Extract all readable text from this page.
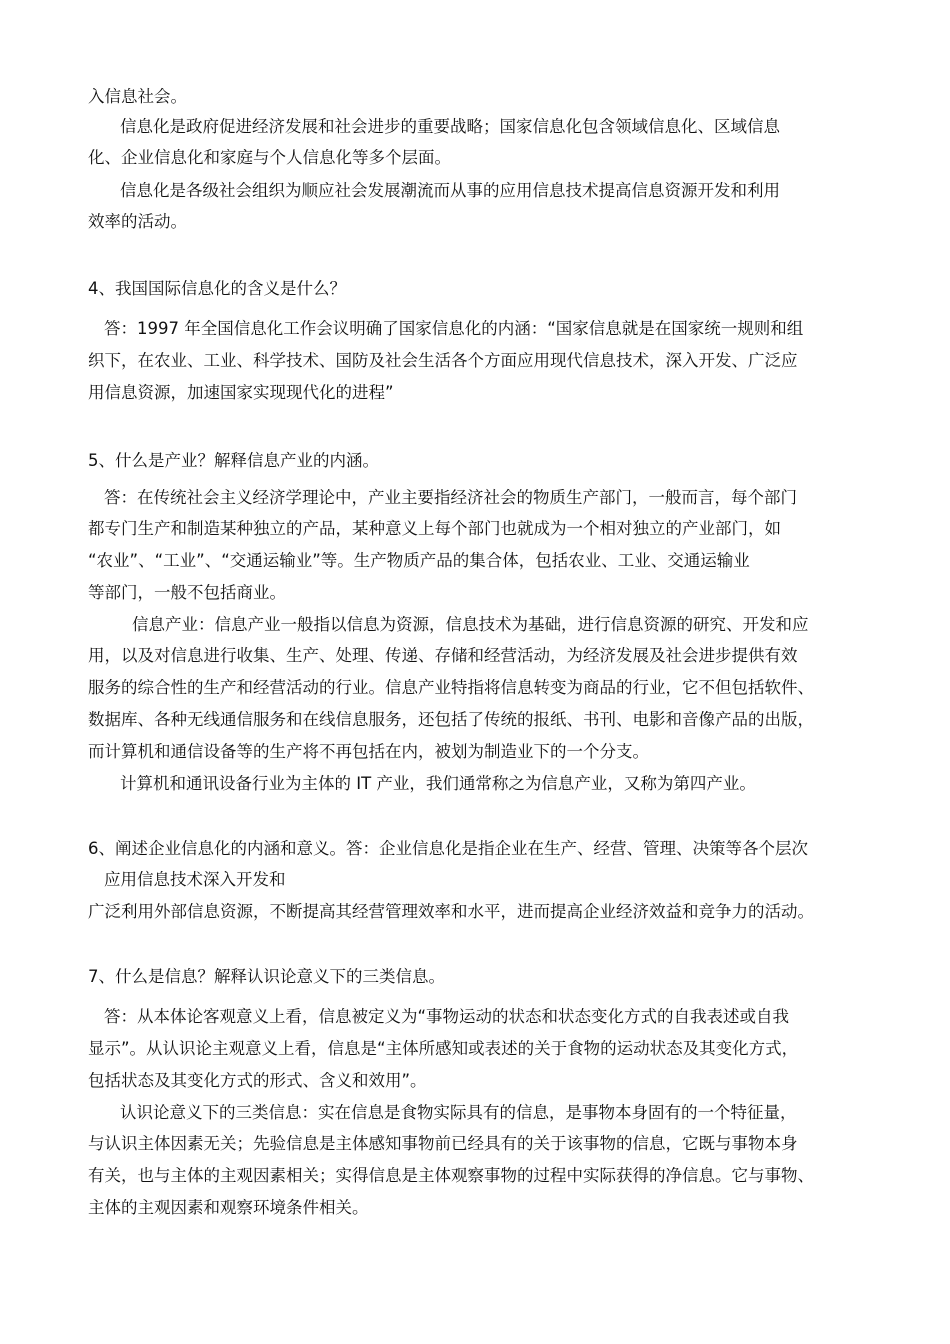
入信息社会。
信息化是政府促进经济发展和社会进步的重要战略；国家信息化包含领域信息化、区域信息
化、企业信息化和家庭与个人信息化等多个层面。
信息化是各级社会组织为顺应社会发展潮流而从事的应用信息技术提高信息资源开发和利用
效率的活动。
4、我国国际信息化的含义是什么？
答：1997 年全国信息化工作会议明确了国家信息化的内涵：“国家信息就是在国家统一规则和组
织下，在农业、工业、科学技术、国防及社会生活各个方面应用现代信息技术，深入开发、广泛应
用信息资源，加速国家实现现代化的进程”
5、什么是产业？解释信息产业的内涵。
答：在传统社会主义经济学理论中，产业主要指经济社会的物质生产部门，一般而言，每个部门
都专门生产和制造某种独立的产品，某种意义上每个部门也就成为一个相对独立的产业部门，如
“农业”、“工业”、“交通运输业”等。生产物质产品的集合体，包括农业、工业、交通运输业
等部门，一般不包括商业。
信息产业：信息产业一般指以信息为资源，信息技术为基础，进行信息资源的研究、开发和应
用，以及对信息进行收集、生产、处理、传递、存储和经营活动，为经济发展及社会进步提供有效
服务的综合性的生产和经营活动的行业。信息产业特指将信息转变为商品的行业，它不但包括软件、
数据库、各种无线通信服务和在线信息服务，还包括了传统的报纸、书刊、电影和音像产品的出版，
而计算机和通信设备等的生产将不再包括在内，被划为制造业下的一个分支。
计算机和通讯设备行业为主体的 IT 产业，我们通常称之为信息产业，又称为第四产业。
6、阐述企业信息化的内涵和意义。答：企业信息化是指企业在生产、经营、管理、决策等各个层次
应用信息技术深入开发和
广泛利用外部信息资源，不断提高其经营管理效率和水平，进而提高企业经济效益和竞争力的活动。
7、什么是信息？解释认识论意义下的三类信息。
答：从本体论客观意义上看，信息被定义为“事物运动的状态和状态变化方式的自我表述或自我
显示”。从认识论主观意义上看，信息是“主体所感知或表述的关于食物的运动状态及其变化方式，
包括状态及其变化方式的形式、含义和效用”。
认识论意义下的三类信息：实在信息是食物实际具有的信息，是事物本身固有的一个特征量，
与认识主体因素无关；先验信息是主体感知事物前已经具有的关于该事物的信息，它既与事物本身
有关，也与主体的主观因素相关；实得信息是主体观察事物的过程中实际获得的净信息。它与事物、
主体的主观因素和观察环境条件相关。
